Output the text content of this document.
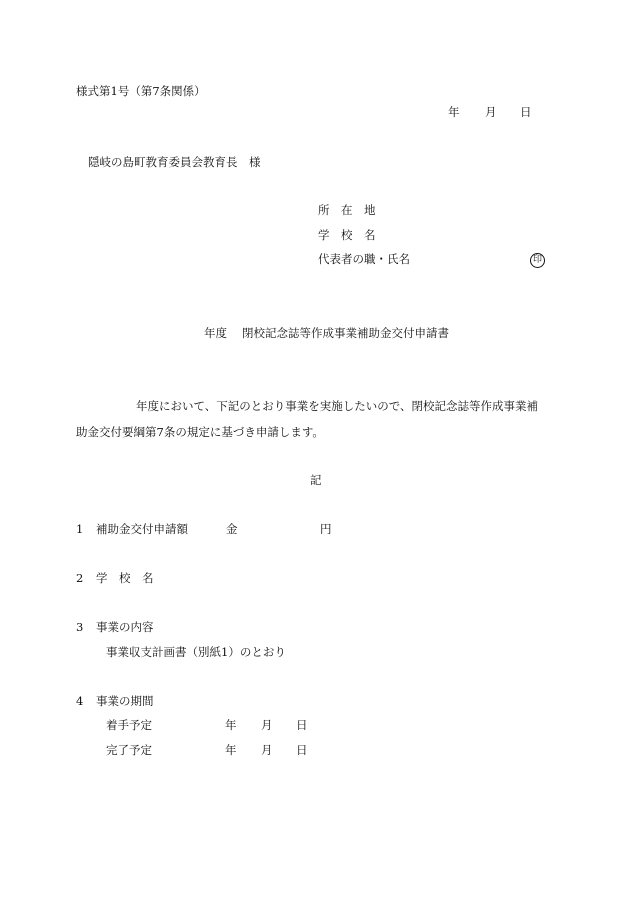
様式第1号（第7条関係）
年 月 日
隠岐の島町教育委員会教育長　様
所　在　地
学　校　名
代表者の職・氏名	印
年度 閉校記念誌等作成事業補助金交付申請書
年度において、下記のとおり事業を実施したいので、閉校記念誌等作成事業補
助金交付要綱第7条の規定に基づき申請します。
記
1 補助金交付申請額	金	円
2 学　校　名
3 事業の内容
事業収支計画書（別紙1）のとおり
4 事業の期間
着手予定	年 月 日
完了予定	年 月 日
